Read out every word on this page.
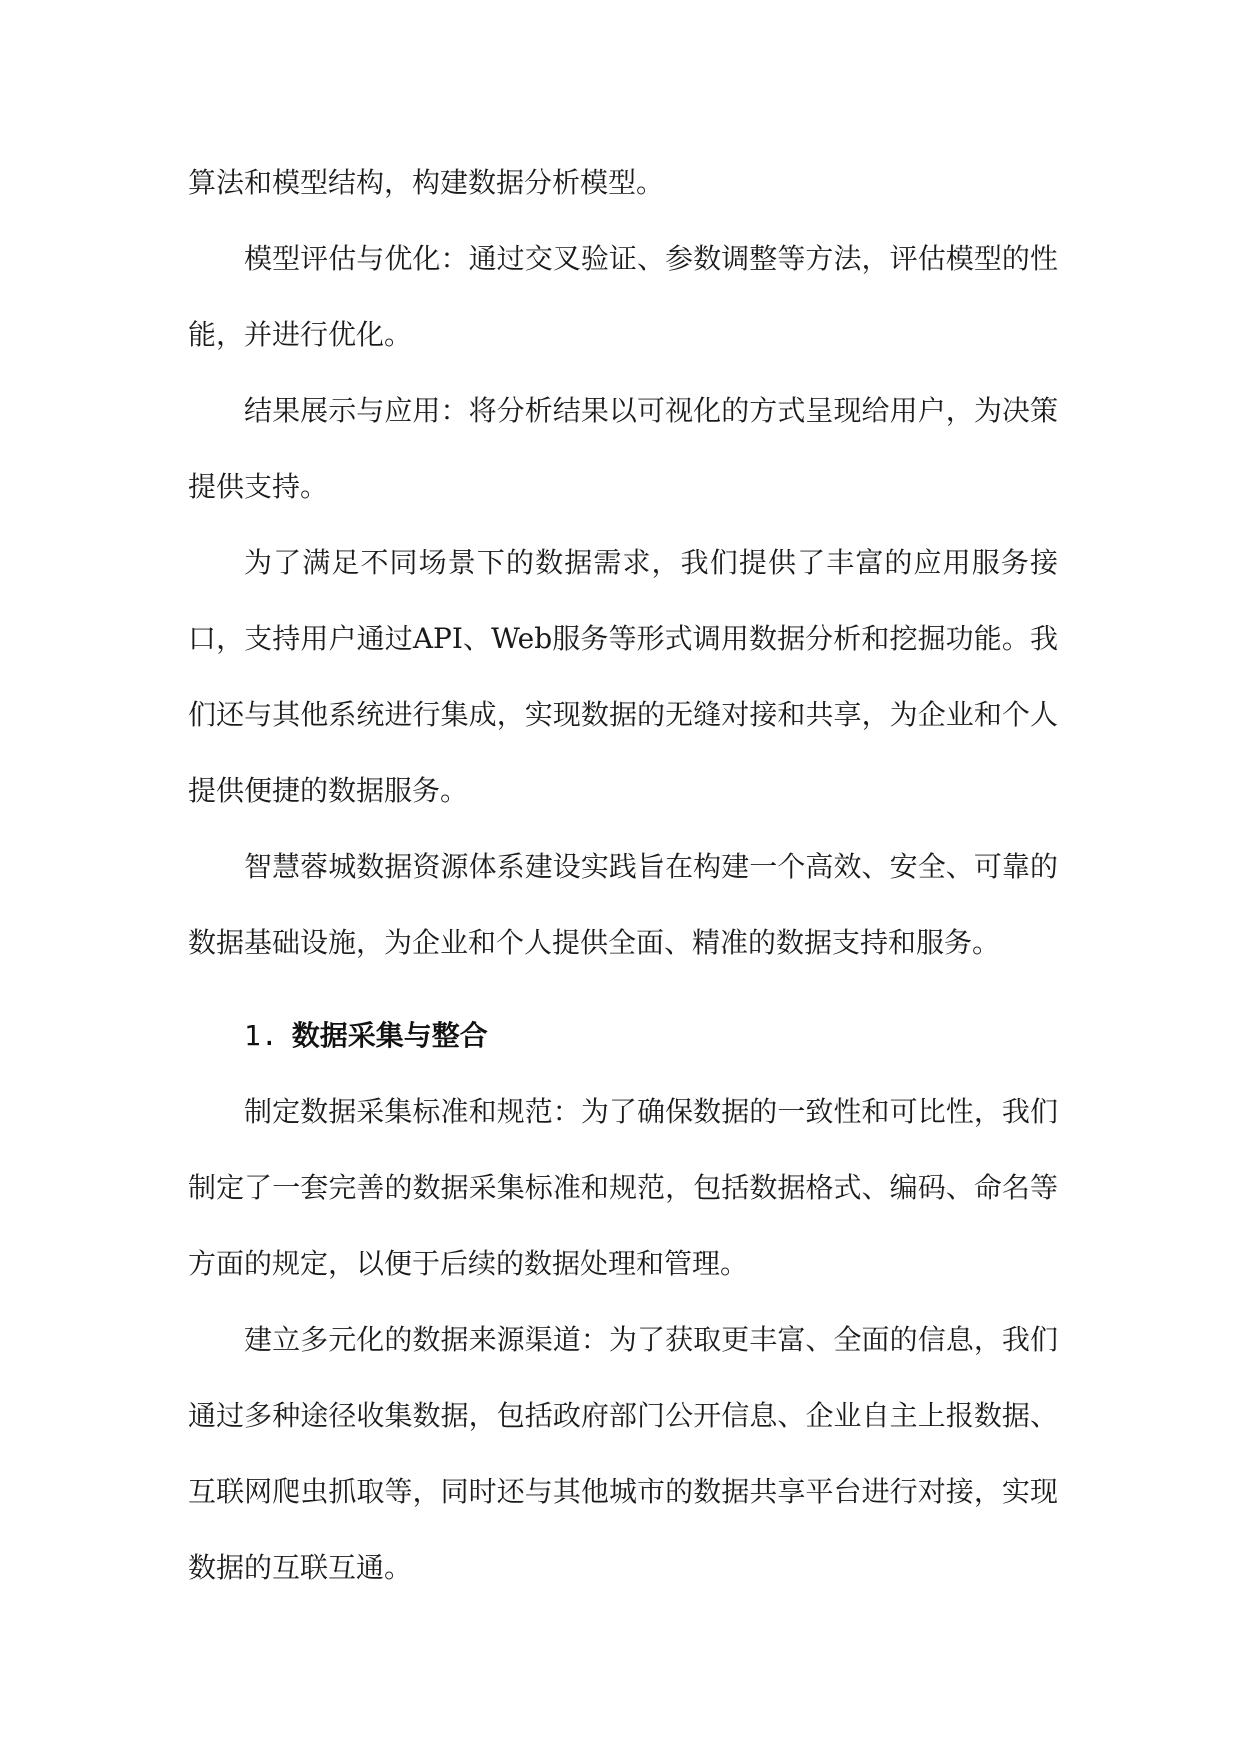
算法和模型结构，构建数据分析模型。

模型评估与优化：通过交叉验证、参数调整等方法，评估模型的性能，并进行优化。

结果展示与应用：将分析结果以可视化的方式呈现给用户，为决策提供支持。

为了满足不同场景下的数据需求，我们提供了丰富的应用服务接口，支持用户通过API、Web服务等形式调用数据分析和挖掘功能。我们还与其他系统进行集成，实现数据的无缝对接和共享，为企业和个人提供便捷的数据服务。

智慧蓉城数据资源体系建设实践旨在构建一个高效、安全、可靠的数据基础设施，为企业和个人提供全面、精准的数据支持和服务。

1. 数据采集与整合

制定数据采集标准和规范：为了确保数据的一致性和可比性，我们制定了一套完善的数据采集标准和规范，包括数据格式、编码、命名等方面的规定，以便于后续的数据处理和管理。

建立多元化的数据来源渠道：为了获取更丰富、全面的信息，我们通过多种途径收集数据，包括政府部门公开信息、企业自主上报数据、互联网爬虫抓取等，同时还与其他城市的数据共享平台进行对接，实现数据的互联互通。
